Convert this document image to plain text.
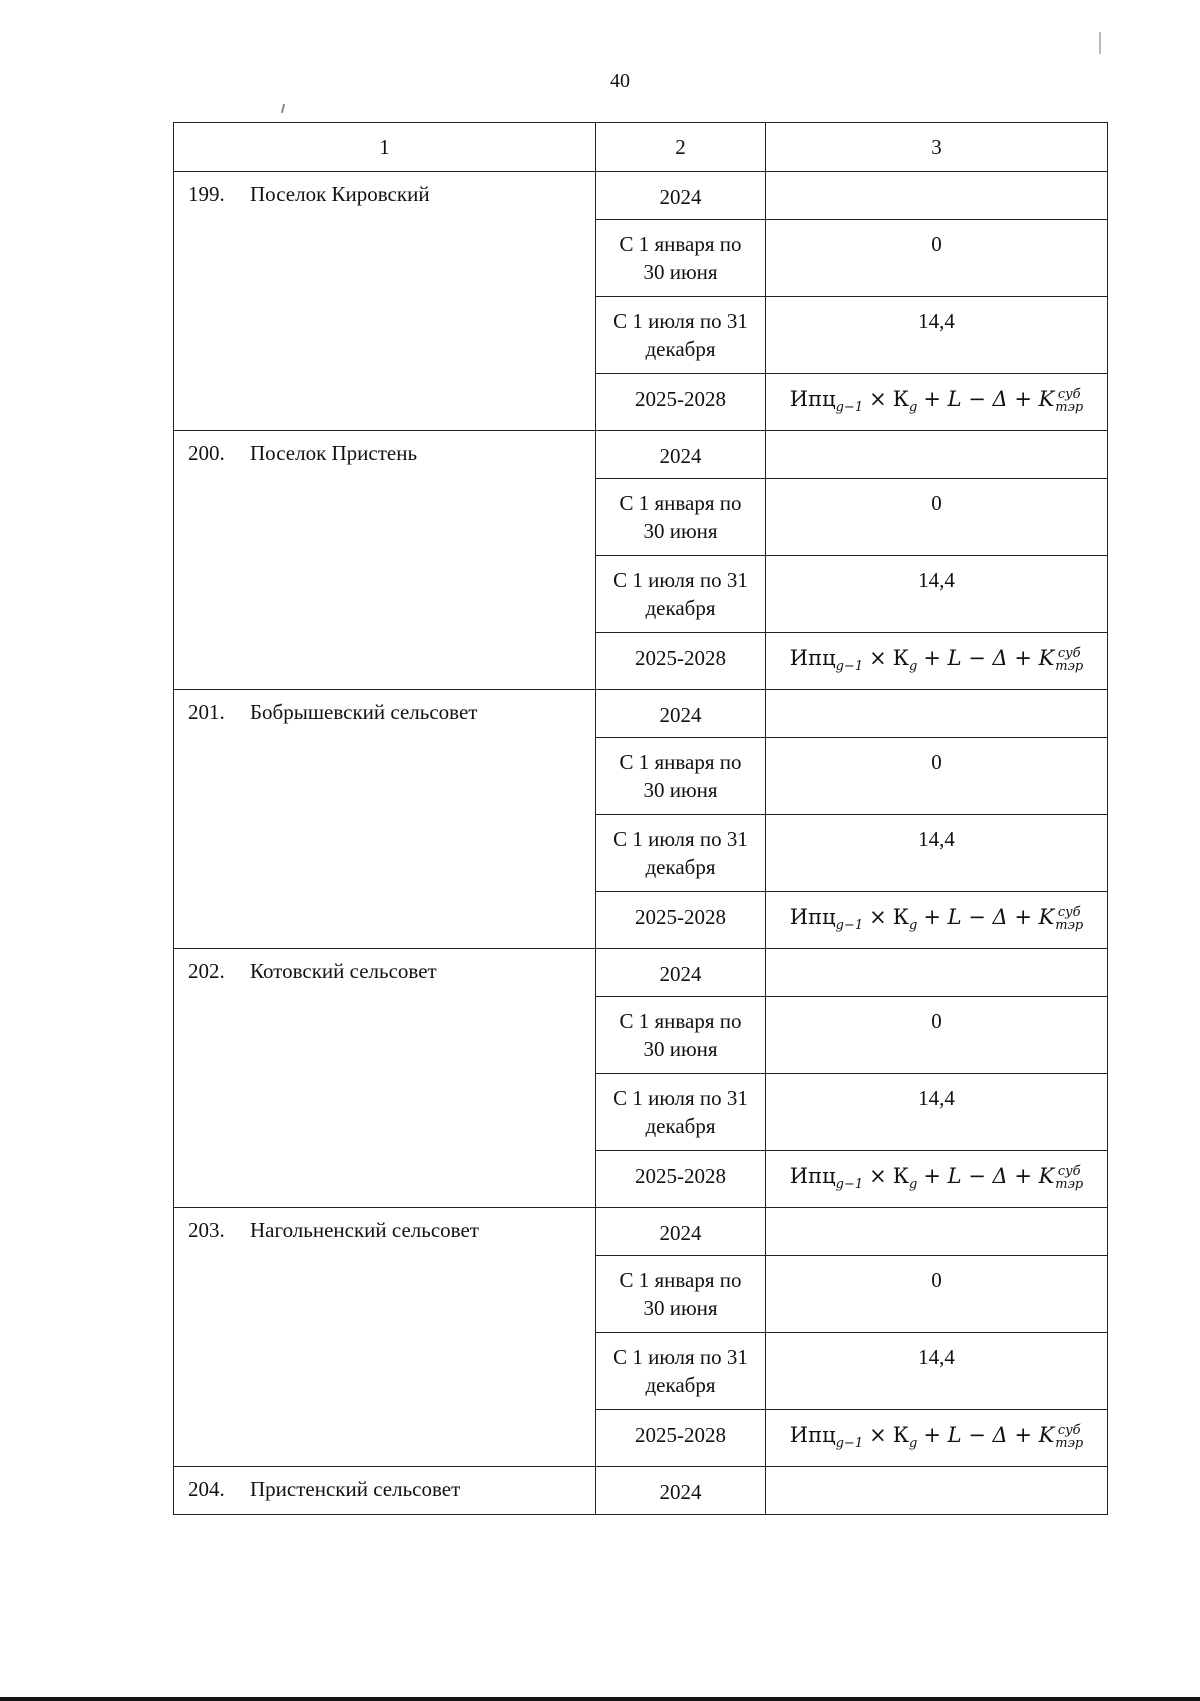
40
1	2	3

199. Поселок Кировский	2024	

	С 1 января по
30 июня	0

	С 1 июля по 31
декабря	14,4

	2025-2028	$Ипц_{g-1} \times К_g + L - \Delta + K$ суб
тэр

200. Поселок Пристень	2024	

	С 1 января по
30 июня	0

	С 1 июля по 31
декабря	14,4

	2025-2028	$Ипц_{g-1} \times К_g + L - \Delta + K$ суб
тэр

201. Бобрышевский сельсовет	2024	

	С 1 января по
30 июня	0

	С 1 июля по 31
декабря	14,4

	2025-2028	$Ипц_{g-1} \times К_g + L - \Delta + K$ суб
тэр

202. Котовский сельсовет	2024	

	С 1 января по
30 июня	0

	С 1 июля по 31
декабря	14,4

	2025-2028	$Ипц_{g-1} \times К_g + L - \Delta + K$ суб
тэр

203. Нагольненский сельсовет	2024	

	С 1 января по
30 июня	0

	С 1 июля по 31
декабря	14,4

	2025-2028	$Ипц_{g-1} \times К_g + L - \Delta + K$ суб
тэр

204. Пристенский сельсовет	2024	
